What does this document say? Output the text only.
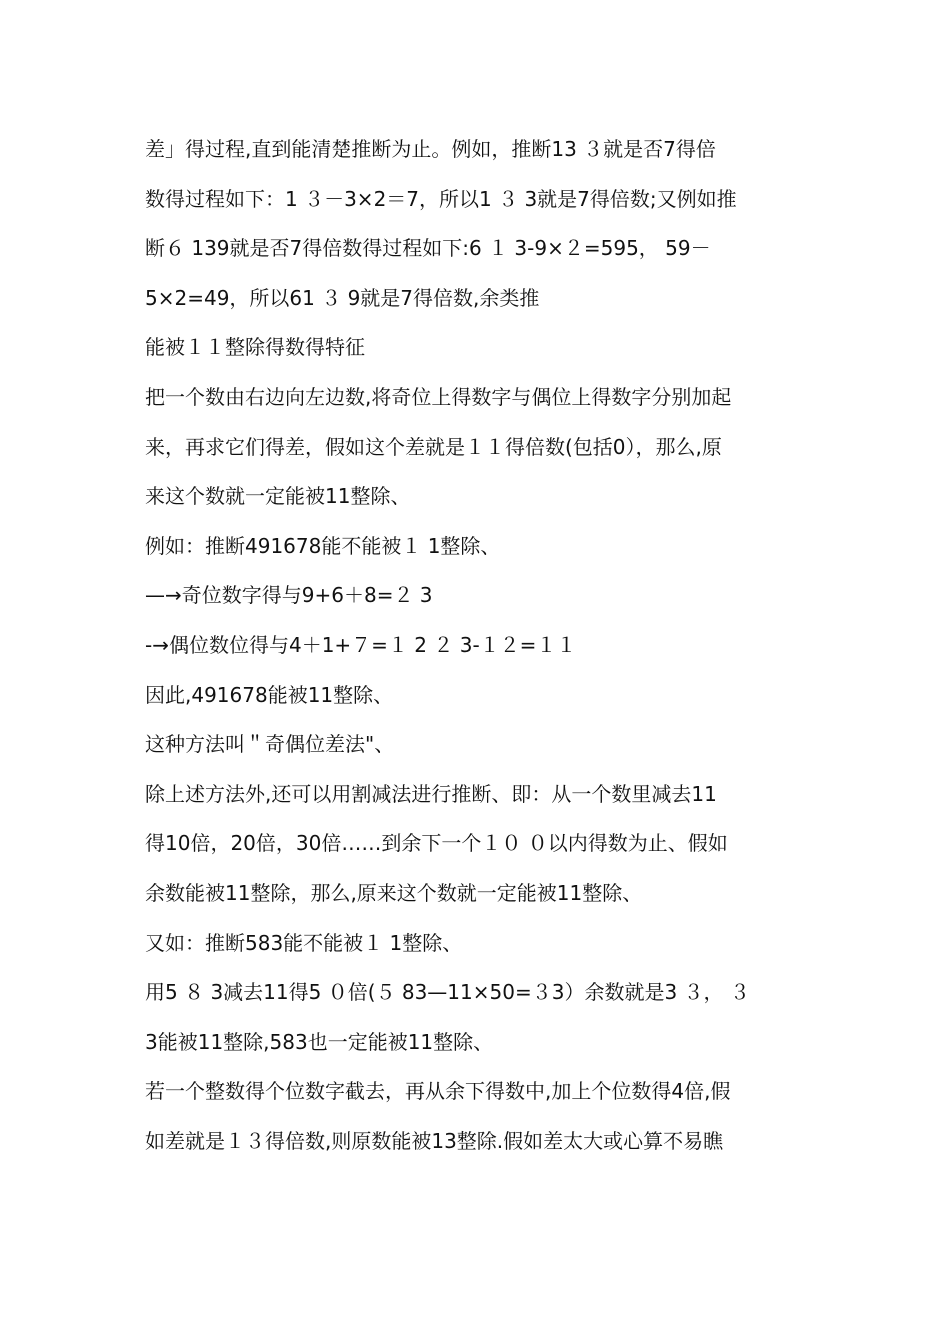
差」得过程,直到能清楚推断为止。例如，推断13 ３就是否7得倍
数得过程如下：1 ３－3×2＝7，所以1 ３ 3就是7得倍数;又例如推
断６ 139就是否7得倍数得过程如下:6 １ 3-9×２=595， 59－
5×2=49，所以61 ３ 9就是7得倍数,余类推
能被１１整除得数得特征
把一个数由右边向左边数,将奇位上得数字与偶位上得数字分别加起
来，再求它们得差，假如这个差就是１１得倍数(包括0），那么,原
来这个数就一定能被11整除、
例如：推断491678能不能被１ 1整除、
—→奇位数字得与9+6＋8=２ 3
-→偶位数位得与4＋1+７=１ 2 ２ 3-１２=１１
因此,491678能被11整除、
这种方法叫＂奇偶位差法"、
除上述方法外,还可以用割减法进行推断、即：从一个数里减去11
得10倍，20倍，30倍……到余下一个１０ ０以内得数为止、假如
余数能被11整除，那么,原来这个数就一定能被11整除、
又如：推断583能不能被１ 1整除、
用5 ８ 3减去11得5 ０倍(５ 83—11×50=３3）余数就是3 ３， ３
3能被11整除,583也一定能被11整除、
若一个整数得个位数字截去，再从余下得数中,加上个位数得4倍,假
如差就是１３得倍数,则原数能被13整除.假如差太大或心算不易瞧
